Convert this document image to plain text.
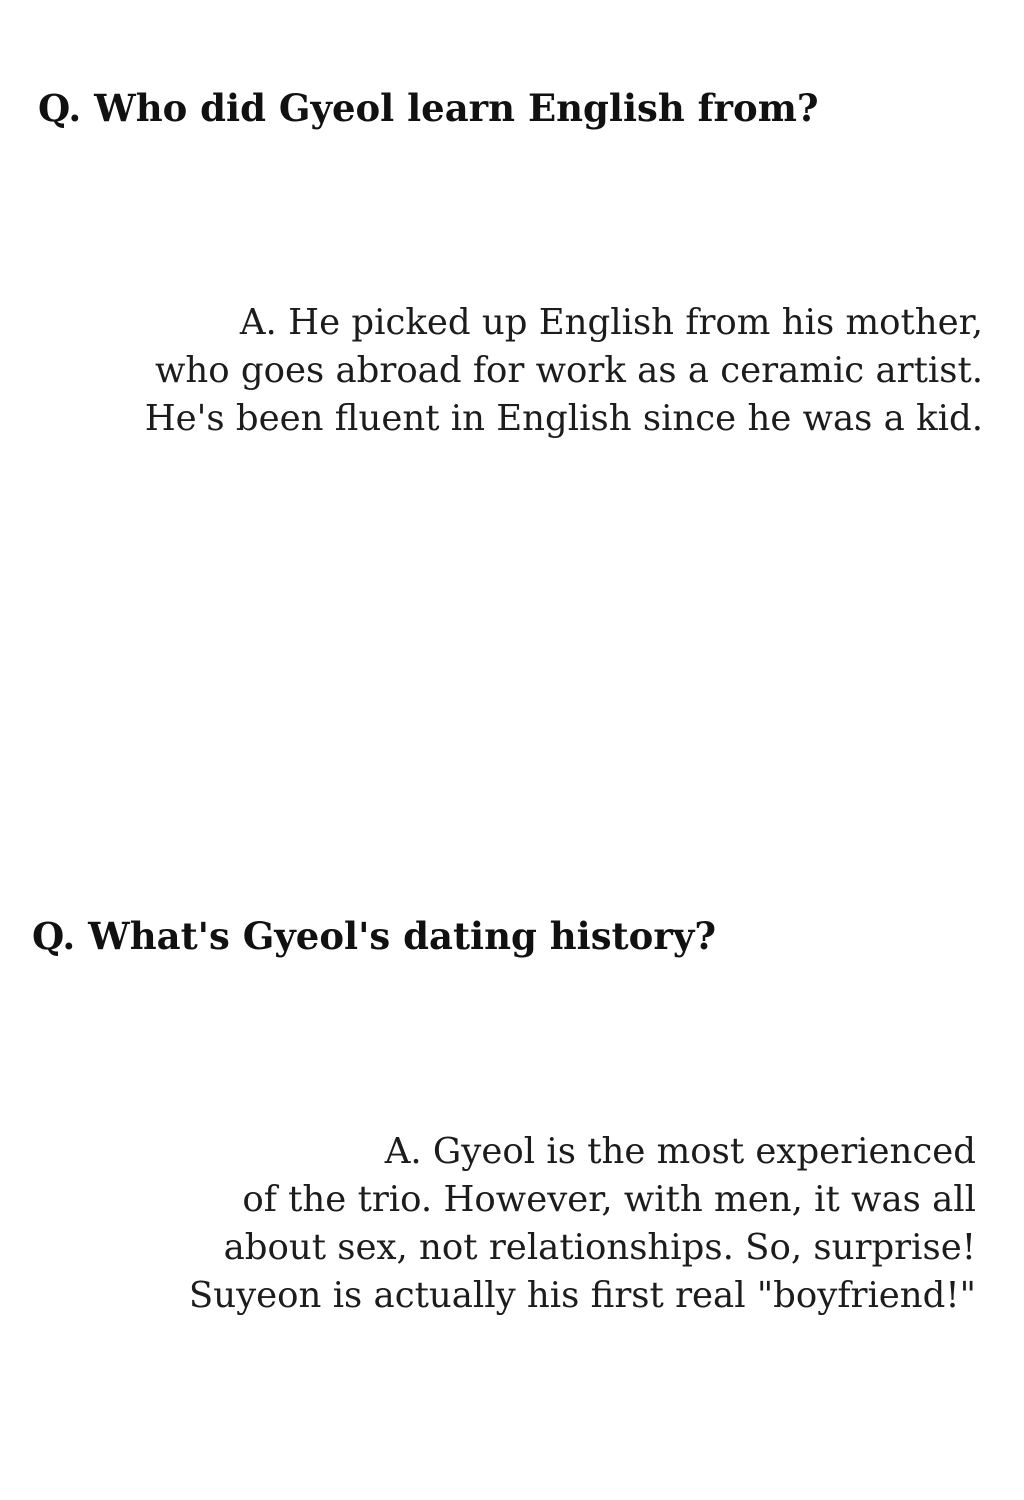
Q. Who did Gyeol learn English from?
A. He picked up English from his mother,
who goes abroad for work as a ceramic artist.
He's been fluent in English since he was a kid.
Q. What's Gyeol's dating history?
A. Gyeol is the most experienced
of the trio. However, with men, it was all
about sex, not relationships. So, surprise!
Suyeon is actually his first real "boyfriend!"
